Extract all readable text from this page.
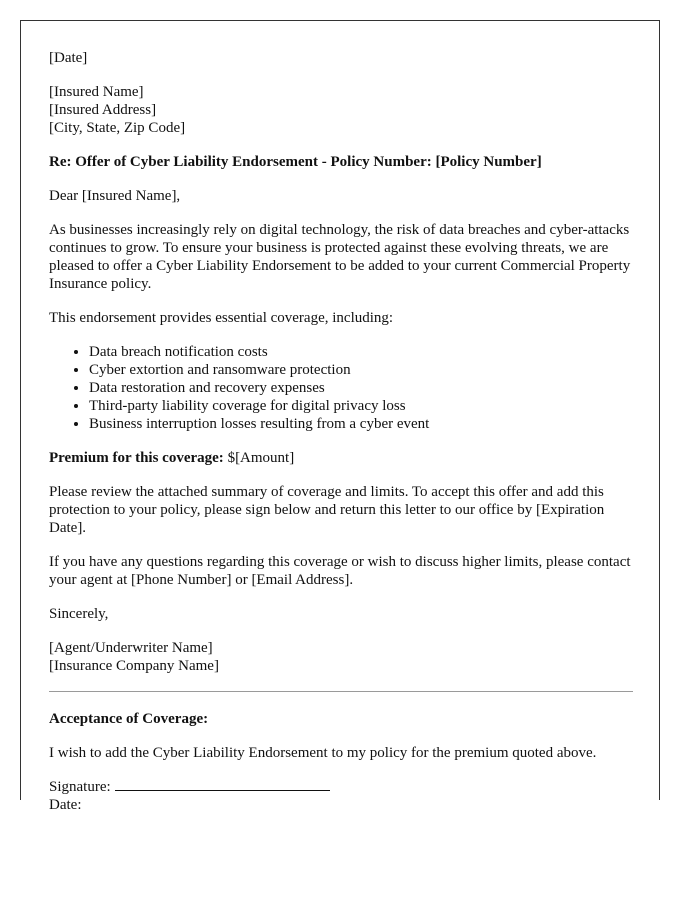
[Date]

[Insured Name]
[Insured Address]
[City, State, Zip Code]

Re: Offer of Cyber Liability Endorsement - Policy Number: [Policy Number]

Dear [Insured Name],

As businesses increasingly rely on digital technology, the risk of data breaches and cyber-attacks continues to grow. To ensure your business is protected against these evolving threats, we are pleased to offer a Cyber Liability Endorsement to be added to your current Commercial Property Insurance policy.

This endorsement provides essential coverage, including:

• Data breach notification costs
• Cyber extortion and ransomware protection
• Data restoration and recovery expenses
• Third-party liability coverage for digital privacy loss
• Business interruption losses resulting from a cyber event

Premium for this coverage: $[Amount]

Please review the attached summary of coverage and limits. To accept this offer and add this protection to your policy, please sign below and return this letter to our office by [Expiration Date].

If you have any questions regarding this coverage or wish to discuss higher limits, please contact your agent at [Phone Number] or [Email Address].

Sincerely,

[Agent/Underwriter Name]
[Insurance Company Name]

Acceptance of Coverage:

I wish to add the Cyber Liability Endorsement to my policy for the premium quoted above.

Signature:
Date:
